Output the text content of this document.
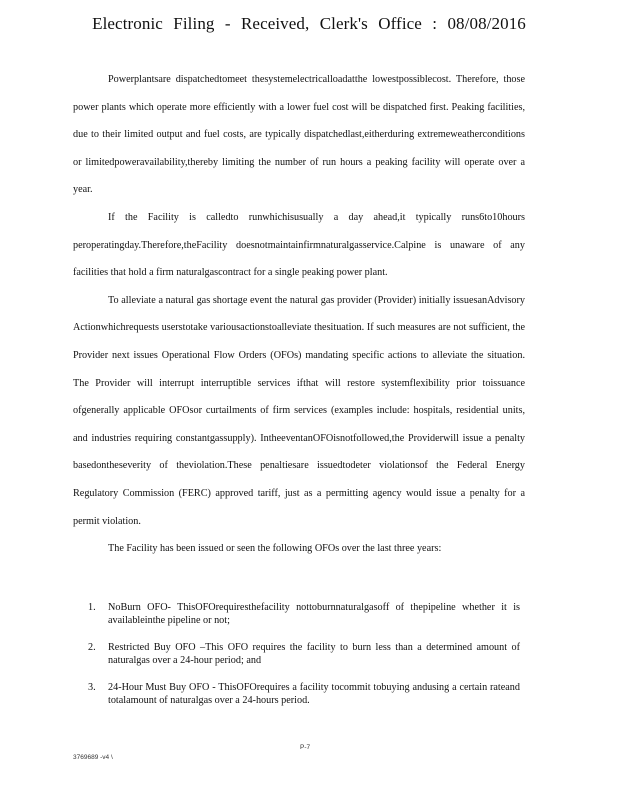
Electronic Filing - Received, Clerk's Office : 08/08/2016

Powerplantsare dispatchedtomeet thesystemelectricalloadatthe lowestpossiblecost. Therefore, those power plants which operate more efficiently with a lower fuel cost will be dispatched first. Peaking facilities, due to their limited output and fuel costs, are typically dispatchedlast,eitherduring extremeweatherconditions or limitedpoweravailability,thereby limiting the number of run hours a peaking facility will operate over a year.

If the Facility is calledto runwhichisusually a day ahead,it typically runs6to10hours peroperatingday.Therefore,theFacility doesnotmaintainfirmnaturalgasservice.Calpine is unaware of any facilities that hold a firm naturalgascontract for a single peaking power plant.

To alleviate a natural gas shortage event the natural gas provider (Provider) initially issuesanAdvisory Actionwhichrequests userstotake variousactionstoalleviate thesituation. If such measures are not sufficient, the Provider next issues Operational Flow Orders (OFOs) mandating specific actions to alleviate the situation. The Provider will interrupt interruptible services ifthat will restore systemflexibility prior toissuance ofgenerally applicable OFOsor curtailments of firm services (examples include: hospitals, residential units, and industries requiring constantgassupply). IntheeventanOFOisnotfollowed,the Providerwill issue a penalty basedontheseverity of theviolation.These penaltiesare issuedtodeter violationsof the Federal Energy Regulatory Commission (FERC) approved tariff, just as a permitting agency would issue a penalty for a permit violation.

The Facility has been issued or seen the following OFOs over the last three years:

1. NoBurn OFO- ThisOFOrequiresthefacility nottoburnnaturalgasoff of thepipeline whether it is availableinthe pipeline or not;
2. Restricted Buy OFO –This OFO requires the facility to burn less than a determined amount of naturalgas over a 24-hour period; and
3. 24-Hour Must Buy OFO - ThisOFOrequires a facility tocommit tobuying andusing a certain rateand totalamount of naturalgas over a 24-hours period.
P-7
3769689 -v4 \
